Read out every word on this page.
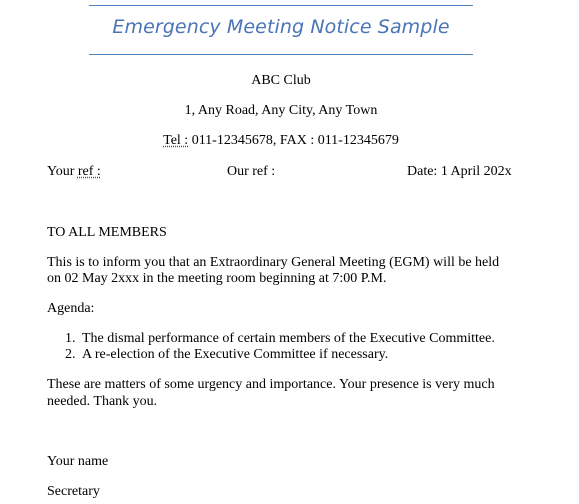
Emergency Meeting Notice Sample
ABC Club
1, Any Road, Any City, Any Town
Tel : 011-12345678, FAX : 011-12345679
Your ref :	Our ref :	Date: 1 April 202x
TO ALL MEMBERS
This is to inform you that an Extraordinary General Meeting (EGM) will be held
on 02 May 2xxx in the meeting room beginning at 7:00 P.M.
Agenda:
1. The dismal performance of certain members of the Executive Committee.
2. A re-election of the Executive Committee if necessary.
These are matters of some urgency and importance. Your presence is very much
needed. Thank you.
Your name
Secretary
